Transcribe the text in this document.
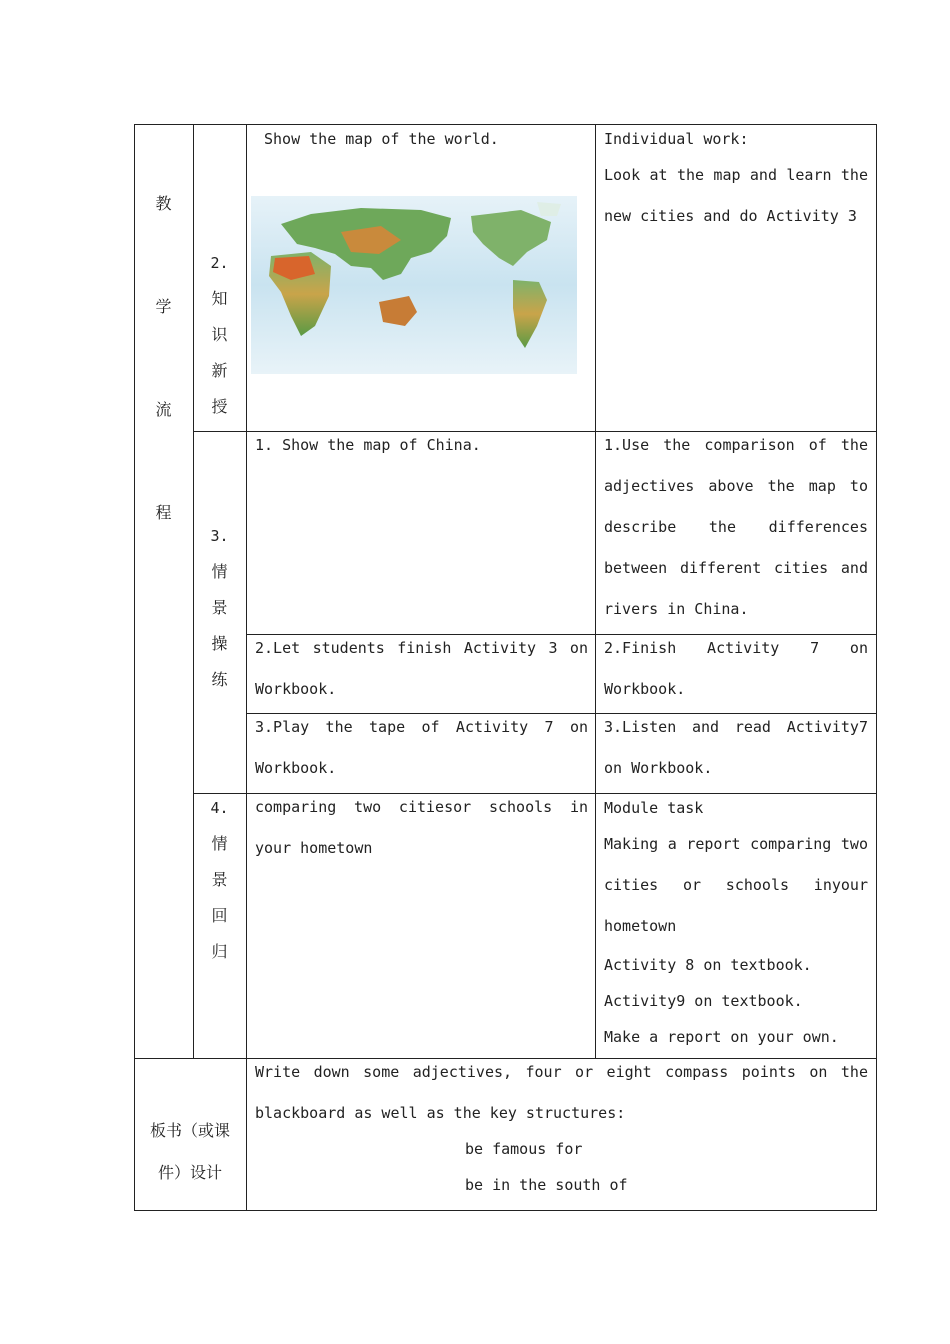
教
学
流
程
2.
知
识
新
授
3.
情
景
操
练
4.
情
景
回
归

Show the map of the world.	Individual work:

Look at the map and learn the

new cities and do Activity 3

1. Show the map of China.	1.Use the comparison of the adjectives above the map to describe the differences between different cities and rivers in China.

2.Let students finish Activity 3 on Workbook.

2.Finish Activity 7 on Workbook.

3.Play the tape of Activity 7 on Workbook.

3.Listen and read Activity7 on Workbook.

comparing two citiesor schools in your hometown

Module task

Making a report comparing two cities or schools inyour hometown

Activity 8 on textbook.

Activity9 on textbook.

Make a report on your own.

板书（或课
件）设计

Write down some adjectives, four or eight compass points on the

blackboard as well as the key structures:

be famous for

be in the south of
